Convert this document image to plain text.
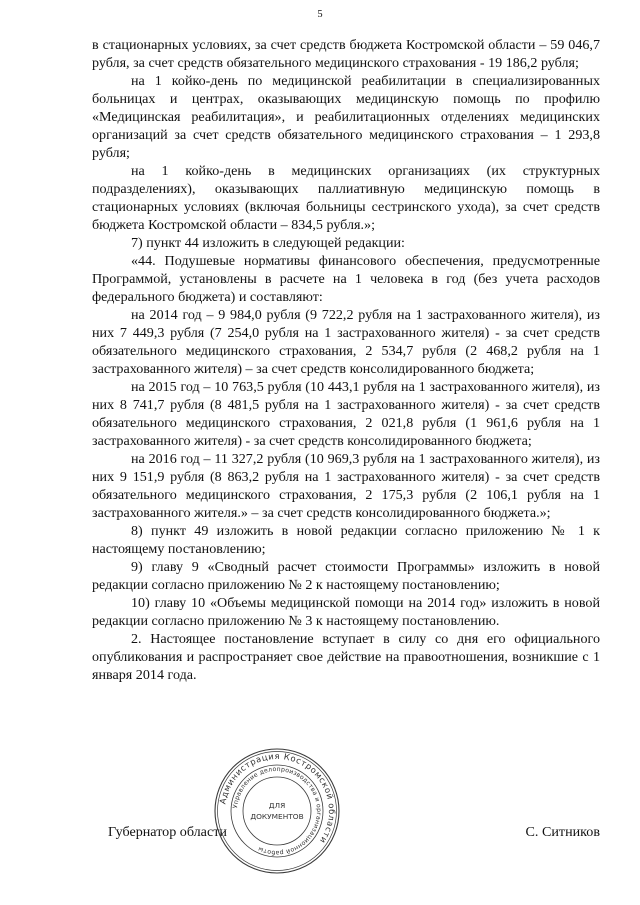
5

в стационарных условиях, за счет средств бюджета Костромской области – 59 046,7 рубля, за счет средств обязательного медицинского страхования - 19 186,2 рубля;

на 1 койко-день по медицинской реабилитации в специализированных больницах и центрах, оказывающих медицинскую помощь по профилю «Медицинская реабилитация», и реабилитационных отделениях медицинских организаций за счет средств обязательного медицинского страхования – 1 293,8 рубля;

на 1 койко-день в медицинских организациях (их структурных подразделениях), оказывающих паллиативную медицинскую помощь в стационарных условиях (включая больницы сестринского ухода), за счет средств бюджета Костромской области – 834,5 рубля.»;

7) пункт 44 изложить в следующей редакции:

«44. Подушевые нормативы финансового обеспечения, предусмотренные Программой, установлены в расчете на 1 человека в год (без учета расходов федерального бюджета) и составляют:

на 2014 год – 9 984,0 рубля (9 722,2 рубля на 1 застрахованного жителя), из них 7 449,3 рубля (7 254,0 рубля на 1 застрахованного жителя) - за счет средств обязательного медицинского страхования, 2 534,7 рубля (2 468,2 рубля на 1 застрахованного жителя) – за счет средств консолидированного бюджета;

на 2015 год – 10 763,5 рубля (10 443,1 рубля на 1 застрахованного жителя), из них 8 741,7 рубля (8 481,5 рубля на 1 застрахованного жителя) - за счет средств обязательного медицинского страхования, 2 021,8 рубля (1 961,6 рубля на 1 застрахованного жителя) - за счет средств консолидированного бюджета;

на 2016 год – 11 327,2 рубля (10 969,3 рубля на 1 застрахованного жителя), из них 9 151,9 рубля (8 863,2 рубля на 1 застрахованного жителя) - за счет средств обязательного медицинского страхования, 2 175,3 рубля (2 106,1 рубля на 1 застрахованного жителя.» – за счет средств консолидированного бюджета.»;

8) пункт 49 изложить в новой редакции согласно приложению № 1 к настоящему постановлению;

9) главу 9 «Сводный расчет стоимости Программы» изложить в новой редакции согласно приложению № 2 к настоящему постановлению;

10) главу 10 «Объемы медицинской помощи на 2014 год» изложить в новой редакции согласно приложению № 3 к настоящему постановлению.

2. Настоящее постановление вступает в силу со дня его официального опубликования и распространяет свое действие на правоотношения, возникшие с 1 января 2014 года.

Губернатор области	С. Ситников
Администрация Костромской области
Управление делопроизводства и организационной работы
ДЛЯ
ДОКУМЕНТОВ
